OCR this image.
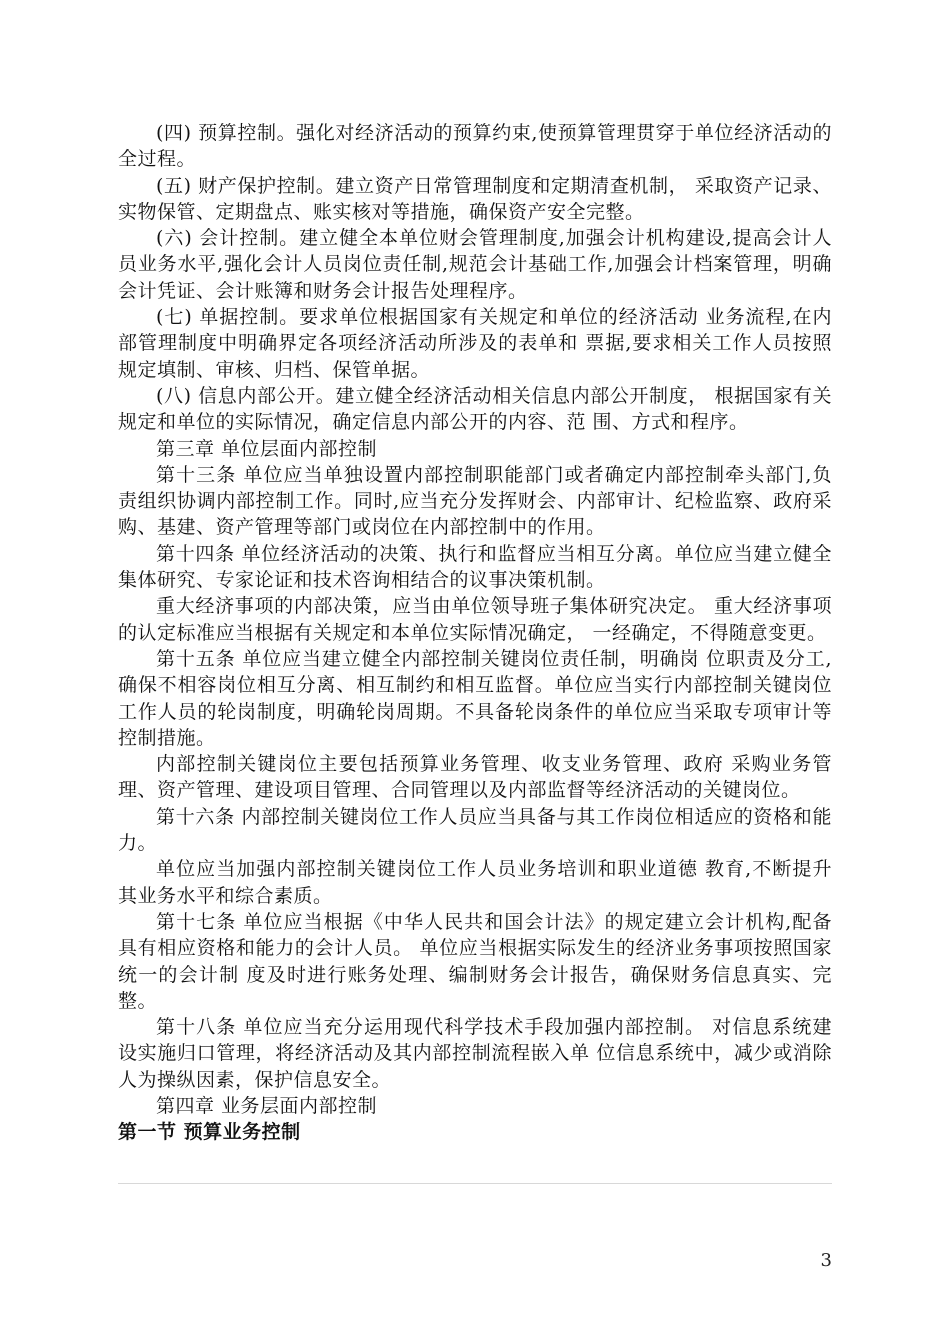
(四) 预算控制。强化对经济活动的预算约束,使预算管理贯穿于单位经济活动的全过程。

(五) 财产保护控制。建立资产日常管理制度和定期清查机制， 采取资产记录、实物保管、定期盘点、账实核对等措施，确保资产安全完整。

(六) 会计控制。建立健全本单位财会管理制度,加强会计机构建设,提高会计人员业务水平,强化会计人员岗位责任制,规范会计基础工作,加强会计档案管理，明确会计凭证、会计账簿和财务会计报告处理程序。

(七) 单据控制。要求单位根据国家有关规定和单位的经济活动 业务流程,在内部管理制度中明确界定各项经济活动所涉及的表单和 票据,要求相关工作人员按照规定填制、审核、归档、保管单据。

(八) 信息内部公开。建立健全经济活动相关信息内部公开制度， 根据国家有关规定和单位的实际情况，确定信息内部公开的内容、范 围、方式和程序。

第三章 单位层面内部控制

第十三条 单位应当单独设置内部控制职能部门或者确定内部控制牵头部门,负责组织协调内部控制工作。同时,应当充分发挥财会、内部审计、纪检监察、政府采购、基建、资产管理等部门或岗位在内部控制中的作用。

第十四条 单位经济活动的决策、执行和监督应当相互分离。单位应当建立健全集体研究、专家论证和技术咨询相结合的议事决策机制。

重大经济事项的内部决策，应当由单位领导班子集体研究决定。 重大经济事项的认定标准应当根据有关规定和本单位实际情况确定， 一经确定，不得随意变更。

第十五条 单位应当建立健全内部控制关键岗位责任制，明确岗 位职责及分工,确保不相容岗位相互分离、相互制约和相互监督。单位应当实行内部控制关键岗位工作人员的轮岗制度，明确轮岗周期。不具备轮岗条件的单位应当采取专项审计等控制措施。

内部控制关键岗位主要包括预算业务管理、收支业务管理、政府 采购业务管理、资产管理、建设项目管理、合同管理以及内部监督等经济活动的关键岗位。

第十六条 内部控制关键岗位工作人员应当具备与其工作岗位相适应的资格和能力。

单位应当加强内部控制关键岗位工作人员业务培训和职业道德 教育,不断提升其业务水平和综合素质。

第十七条 单位应当根据《中华人民共和国会计法》的规定建立会计机构,配备具有相应资格和能力的会计人员。 单位应当根据实际发生的经济业务事项按照国家统一的会计制 度及时进行账务处理、编制财务会计报告，确保财务信息真实、完整。

第十八条 单位应当充分运用现代科学技术手段加强内部控制。 对信息系统建设实施归口管理，将经济活动及其内部控制流程嵌入单 位信息系统中，减少或消除人为操纵因素，保护信息安全。

第四章 业务层面内部控制

第一节 预算业务控制

3
